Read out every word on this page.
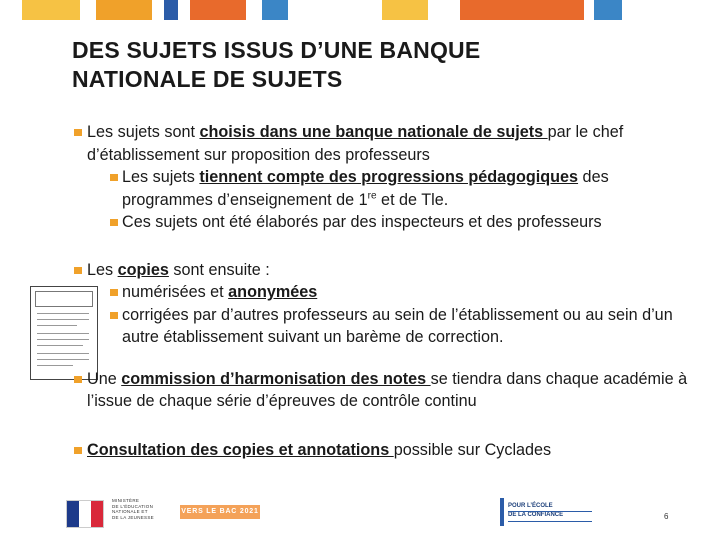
DES SUJETS ISSUS D’UNE BANQUE
NATIONALE DE SUJETS
Les sujets sont choisis dans une banque nationale de sujets par le chef d’établissement sur proposition des professeurs
Les sujets tiennent compte des progressions pédagogiques des programmes d’enseignement de 1re et de Tle.
Ces sujets ont été élaborés par des inspecteurs et des professeurs
Les copies sont ensuite :
numérisées et anonymées
corrigées par d’autres professeurs au sein de l’établissement ou au sein d’un autre établissement suivant un barème de correction.
Une commission d’harmonisation des notes se tiendra dans chaque académie à l’issue de chaque série d’épreuves de contrôle continu
Consultation des copies et annotations possible sur Cyclades
MINISTÈRE
DE L’ÉDUCATION
NATIONALE ET
DE LA JEUNESSE
VERS LE BAC 2021
POUR L’ÉCOLE
DE LA CONFIANCE	6
